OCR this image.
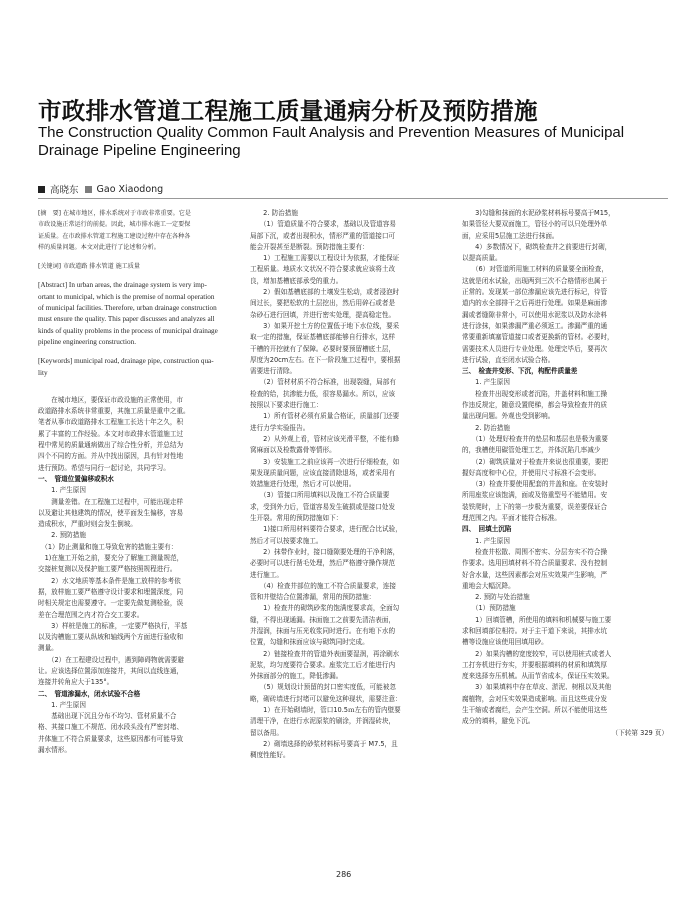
市政排水管道工程施工质量通病分析及预防措施
The Construction Quality Common Fault Analysis and Prevention Measures of Municipal Drainage Pipeline Engineering
高晓东 Gao Xiaodong

[摘　要] 在城市地区，排水系统对于市政非常重要。它是

市政设施正常运行的前提。因此，城市排水施工一定要保

证质量。在市政排水管道工程施工建设过程中存在各种各

样的质量问题。本文对此进行了论述和分析。

[关键词] 市政道路 排水管道 施工质量

[Abstract] In urban areas, the drainage system is very imp-

ortant to municipal, which is the premise of normal operation

of municipal facilities. Therefore, urban drainage construction

must ensure the quality. This paper discusses and analyzes all

kinds of quality problems in the process of municipal drainage

pipeline engineering construction.

[Keywords] municipal road, drainage pipe, construction qua-

lity

　　在城市地区，要保证市政设施的正常使用，市

政道路排水系统非常重要，其施工质量是重中之重。

笔者从事市政道路排水工程施工长达十年之久，积

累了丰富的工作经验。本文对市政排水管道施工过

程中常见的质量通病做出了综合性分析，并总结为

四个不同的方面。并从中找出原因，具有针对性地

进行预防。希望与同行一起讨论，共同学习。

一、　管道位置偏移或积水

　　1. 产生原因

　　测量差错。在工程施工过程中，可能出现走样

以及避让其他建筑的情况，使平面发生偏移，容易

造成积水，严重时则会发生倒坡。

　　2. 预防措施

　（1）防止测量和施工导致危害的措施主要有：

　1)在施工开始之前，要充分了解施工测量规范，

交接桩复测以及保护施工要严格按照规程进行。

　　2）水文地质等基本条件是施工放样的参考依

据，放样施工要严格遵守设计要求和埋置深度，同

时相关规定也需要遵守。一定要先做复测检验，误

差在合理范围之内才符合交工要求。

　　3）样桩是施工的标准，一定要严格执行，平基

以及沟槽施工要从纵坡和轴线两个方面进行验收和

测量。

　　（2）在工程建设过程中，遇到障碍物就需要避

让。应该选择位置添加连接井，其间以直线连通，

连接井转角应大于135°。

二、　管道渗漏水，闭水试验不合格

　　1. 产生原因

　　基础出现下沉且分布不均匀、管材质量不合

格、其接口施工不规范、闭水段头没有严密封堵、

井体施工不符合质量要求，这些原因都有可能导致

漏水情形。

　　2. 防治措施

　　（1）管道质量不符合要求，基础以及管道容易

局部下沉，或者出现积水，情形严重的管道接口可

能会开裂甚至是断裂。预防措施主要有：

　　1）工程施工需要以工程设计为依据，才能保证

工程质量。地质水文状况不符合要求就应该将土改

良，增加基槽底部承受的重力。

　　2）假如基槽底部的土壤发生松动，或者浸泡时

间过长，要把松软的土层挖出，然后用碎石或者是

杂砂石进行回填，并进行密实处理，提高稳定性。

　　3）如果开挖土方的位置低于地下水位线，要采

取一定的措施，保证基槽底部能够自行排水，这样

干槽的开挖就有了保障。必要时要预留槽底土层，

厚度为20cm左右。在下一阶段施工过程中，要根据

需要进行清除。

　　（2）管材材质不符合标准，出现裂缝，局部有

检查的给，抗渗能力低，很容易漏水。所以，应该

按照以下要求进行施工：

　　1）所有管材必须有质量合格证，质量部门还要

进行力学实验报告。

　　2）从外观上看，管材应该光滑平整，不能有蜂

窝麻面以及检数露骨等情形。

　　3）安装施工之前应该再一次进行仔细检查，如

果发现质量问题，应该直接清除退场，或者采用有

效措施进行处理，然后才可以使用。

　　（3）管接口所用填料以及施工不符合质量要

求，受到外力后，管道容易发生破损或是接口处发

生开裂。常用的预防措施如下：

　　1)接口所用材料要符合要求，进行配合比试验，

然后才可以按要求施工。

　　2）抹带作业时，接口缝隙要处理的干净利落，

必要时可以进行凿毛处理，然后严格遵守操作规范

进行施工。

　　（4）检查井部位的施工不符合质量要求，连接

管和井壁结合位置渗漏，常用的预防措施：

　　1）检查井的砌筑砂浆的饱满度要求高，全面勾

缝，不得出现通漏。抹面施工之前要先清洁表面，

并湿润，抹面与压光收浆同时进行。在有地下水的

位置，勾缝和抹面应该与砌筑同时完成。

　　2）链接检查井的管道外表面要湿润，再涂刷水

泥浆，均匀度要符合要求。座浆完工后才能进行内

外抹面部分的施工，降低渗漏。

　　（5）规划设计预留的封口密实度低，可能被忽

略，砌砖墙进行封堵可以避免这种现状，需要注意：

　　1）在开始砌墙时，管口10.5ｍ左右的管内壁要

清理干净，在进行水泥原浆的刷涂，并润湿砖块，

留以备用。

　　2）砌墙选择的砂浆材料标号要高于 M7.5，且

稠度性能好。

　　3)勾缝和抹面的水泥砂浆材料标号要高于M15，

如果管径大要双面施工，管径小的可以只处理外单

面，应采用5层施工法进行抹面。

　　4）多数情况下，砌筑检查井之前要进行封砌，

以提高质量。

　　（6）对管道所用施工材料的质量要全面检查，

这就是闭水试验，出现两到三次不合格情形也属于

正常的。发现某一部位渗漏应该先进行标记，待管

道内的水全部排干之后再进行处理。如果是麻面渗

漏或者缝隙非常小，可以使用水泥浆以及防水涂料

进行涂抹，如果渗漏严重必须返工。渗漏严重的通

常要重新填塞管道接口或者更换新的管材。必要时，

需要技术人员进行专业处理。处理完毕后，要再次

进行试验，直至闭水试验合格。

三、　检查井变形、下沉，构配件质量差

　　1. 产生原因

　　检查井出现变形或者沉陷，井盖材料和施工操

作违反规定，随意设置爬梯，都会导致检查井的质

量出现问题。外观也受到影响。

　　2. 防治措施

　　（1）处理好检查井的垫层和基层也是极为重要

的，我槽使用碳管处理工艺，并体沉陷几率减少

　　（2）砌筑质量对于检查井来说也很重要，要把

握好高度和中心位，并使用尺寸标准不会变形。

　　（3）检查井要使用配套的井盖和座。在安装时

所用座浆应该饱满，面或及铬重型号不能错用。安

装铁爬时，上下的第一步极为重要，误差要保证合

理范围之内。平面才能符合标准。

四、　回填土沉陷

　　1. 产生原因

　　检查井松散、周围不密实、分层夯实不符合操

作要求。选用回填材料不符合质量要求、没有控制

好含水量，这些因素都会对压实效果产生影响，严

重地会大幅沉降。

　　2. 预防与处治措施

　　（1）预防措施

　　1）回填管槽，所使用的填料和机械要与施工要

求和回填部位相符。对于主干道下来说，其排水坑

槽等设施应该使用回填用砂。

　　2）如果沟槽的宽度较窄，可以使用桩式或者人

工打夯机进行夯实，并要根据填料的材质和填筑厚

度来选择夯压机械。从而节省成本，保证压实效果。

　　3）如果填料中存在草皮、淤泥、树根以及其他

腐植物，会对压实效果造成影响。而且这些成分发

生干缩或者腐烂，会产生空洞。所以不能使用这些

成分的填料，避免下沉。

（下转第 329 页）

286
